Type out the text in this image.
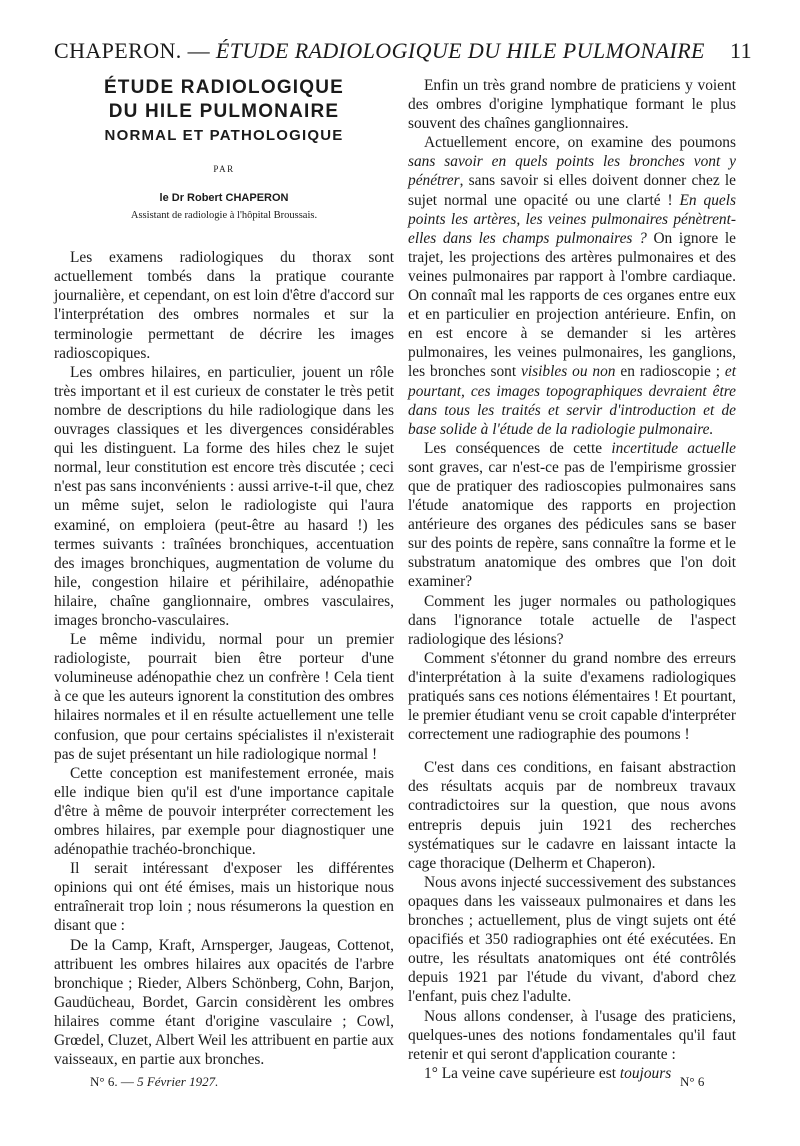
CHAPERON. — ÉTUDE RADIOLOGIQUE DU HILE PULMONAIRE 11
ÉTUDE RADIOLOGIQUE
DU HILE PULMONAIRE
NORMAL ET PATHOLOGIQUE
PAR
le Dr Robert CHAPERON
Assistant de radiologie à l'hôpital Broussais.

Les examens radiologiques du thorax sont actuellement tombés dans la pratique courante journalière, et cependant, on est loin d'être d'accord sur l'interprétation des ombres normales et sur la terminologie permettant de décrire les images radioscopiques.

Les ombres hilaires, en particulier, jouent un rôle très important et il est curieux de constater le très petit nombre de descriptions du hile radiologique dans les ouvrages classiques et les divergences considérables qui les distinguent. La forme des hiles chez le sujet normal, leur constitution est encore très discutée ; ceci n'est pas sans inconvénients : aussi arrive-t-il que, chez un même sujet, selon le radiologiste qui l'aura examiné, on emploiera (peut-être au hasard !) les termes suivants : traînées bronchiques, accentuation des images bronchiques, augmentation de volume du hile, congestion hilaire et périhilaire, adénopathie hilaire, chaîne ganglionnaire, ombres vasculaires, images broncho-vasculaires.

Le même individu, normal pour un premier radiologiste, pourrait bien être porteur d'une volumineuse adénopathie chez un confrère ! Cela tient à ce que les auteurs ignorent la constitution des ombres hilaires normales et il en résulte actuellement une telle confusion, que pour certains spécialistes il n'existerait pas de sujet présentant un hile radiologique normal !

Cette conception est manifestement erronée, mais elle indique bien qu'il est d'une importance capitale d'être à même de pouvoir interpréter correctement les ombres hilaires, par exemple pour diagnostiquer une adénopathie trachéo-bronchique.

Il serait intéressant d'exposer les différentes opinions qui ont été émises, mais un historique nous entraînerait trop loin ; nous résumerons la question en disant que :

De la Camp, Kraft, Arnsperger, Jaugeas, Cottenot, attribuent les ombres hilaires aux opacités de l'arbre bronchique ; Rieder, Albers Schönberg, Cohn, Barjon, Gaudücheau, Bordet, Garcin considèrent les ombres hilaires comme étant d'origine vasculaire ; Cowl, Grœdel, Cluzet, Albert Weil les attribuent en partie aux vaisseaux, en partie aux bronches.

Enfin un très grand nombre de praticiens y voient des ombres d'origine lymphatique formant le plus souvent des chaînes ganglionnaires.

Actuellement encore, on examine des poumons sans savoir en quels points les bronches vont y pénétrer, sans savoir si elles doivent donner chez le sujet normal une opacité ou une clarté ! En quels points les artères, les veines pulmonaires pénètrent-elles dans les champs pulmonaires ? On ignore le trajet, les projections des artères pulmonaires et des veines pulmonaires par rapport à l'ombre cardiaque. On connaît mal les rapports de ces organes entre eux et en particulier en projection antérieure. Enfin, on en est encore à se demander si les artères pulmonaires, les veines pulmonaires, les ganglions, les bronches sont visibles ou non en radioscopie ; et pourtant, ces images topographiques devraient être dans tous les traités et servir d'introduction et de base solide à l'étude de la radiologie pulmonaire.

Les conséquences de cette incertitude actuelle sont graves, car n'est-ce pas de l'empirisme grossier que de pratiquer des radioscopies pulmonaires sans l'étude anatomique des rapports en projection antérieure des organes des pédicules sans se baser sur des points de repère, sans connaître la forme et le substratum anatomique des ombres que l'on doit examiner?

Comment les juger normales ou pathologiques dans l'ignorance totale actuelle de l'aspect radiologique des lésions?

Comment s'étonner du grand nombre des erreurs d'interprétation à la suite d'examens radiologiques pratiqués sans ces notions élémentaires ! Et pourtant, le premier étudiant venu se croit capable d'interpréter correctement une radiographie des poumons !

C'est dans ces conditions, en faisant abstraction des résultats acquis par de nombreux travaux contradictoires sur la question, que nous avons entrepris depuis juin 1921 des recherches systématiques sur le cadavre en laissant intacte la cage thoracique (Delherm et Chaperon).

Nous avons injecté successivement des substances opaques dans les vaisseaux pulmonaires et dans les bronches ; actuellement, plus de vingt sujets ont été opacifiés et 350 radiographies ont été exécutées. En outre, les résultats anatomiques ont été contrôlés depuis 1921 par l'étude du vivant, d'abord chez l'enfant, puis chez l'adulte.

Nous allons condenser, à l'usage des praticiens, quelques-unes des notions fondamentales qu'il faut retenir et qui seront d'application courante :

1° La veine cave supérieure est toujours

N° 6. — 5 Février 1927.	N° 6
